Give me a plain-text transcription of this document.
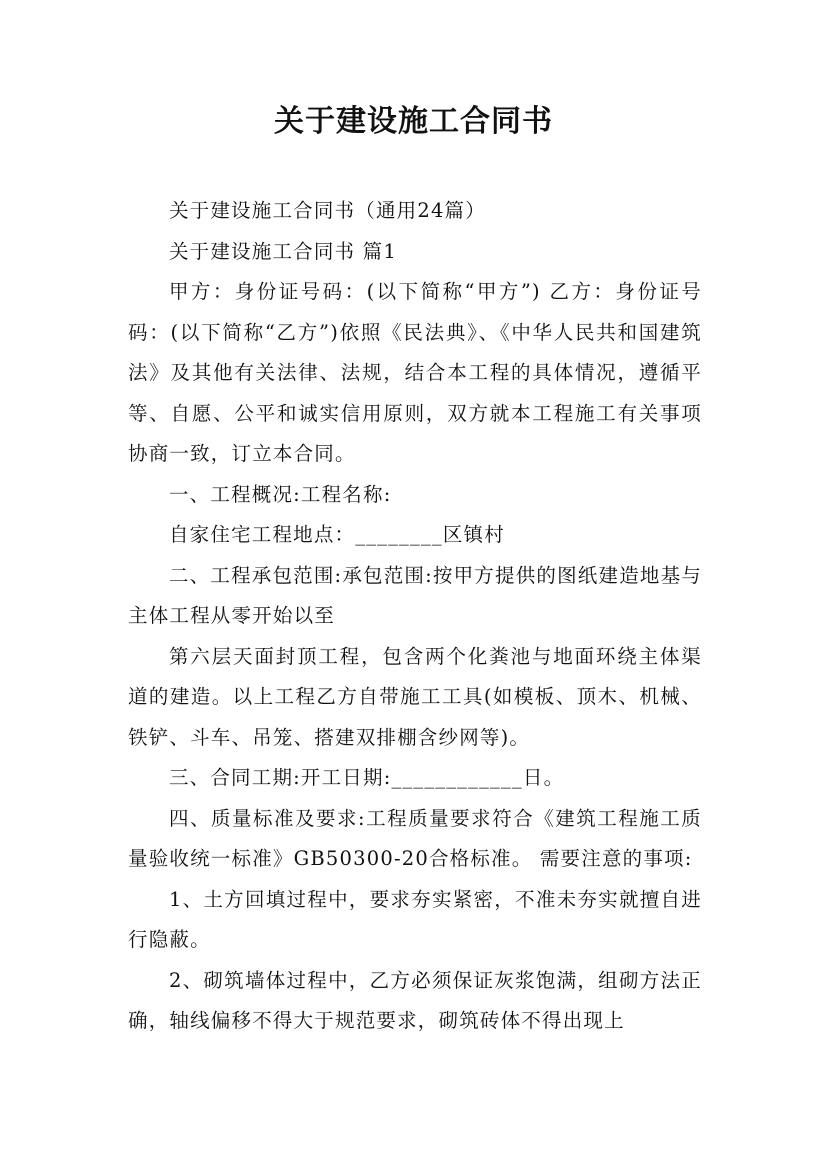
关于建设施工合同书

关于建设施工合同书（通用24篇）

关于建设施工合同书 篇1

甲方：身份证号码：(以下简称“甲方”) 乙方：身份证号码：(以下简称“乙方”)依照《民法典》、《中华人民共和国建筑法》及其他有关法律、法规，结合本工程的具体情况，遵循平等、自愿、公平和诚实信用原则，双方就本工程施工有关事项协商一致，订立本合同。

一、工程概况:工程名称:

自家住宅工程地点：________区镇村

二、工程承包范围:承包范围:按甲方提供的图纸建造地基与主体工程从零开始以至

第六层天面封顶工程，包含两个化粪池与地面环绕主体渠道的建造。以上工程乙方自带施工工具(如模板、顶木、机械、铁铲、斗车、吊笼、搭建双排棚含纱网等)。

三、合同工期:开工日期:____________日。

四、质量标准及要求:工程质量要求符合《建筑工程施工质量验收统一标准》GB50300-20合格标准。 需要注意的事项:

1、土方回填过程中，要求夯实紧密，不准未夯实就擅自进行隐蔽。

2、砌筑墙体过程中，乙方必须保证灰浆饱满，组砌方法正确，轴线偏移不得大于规范要求，砌筑砖体不得出现上
